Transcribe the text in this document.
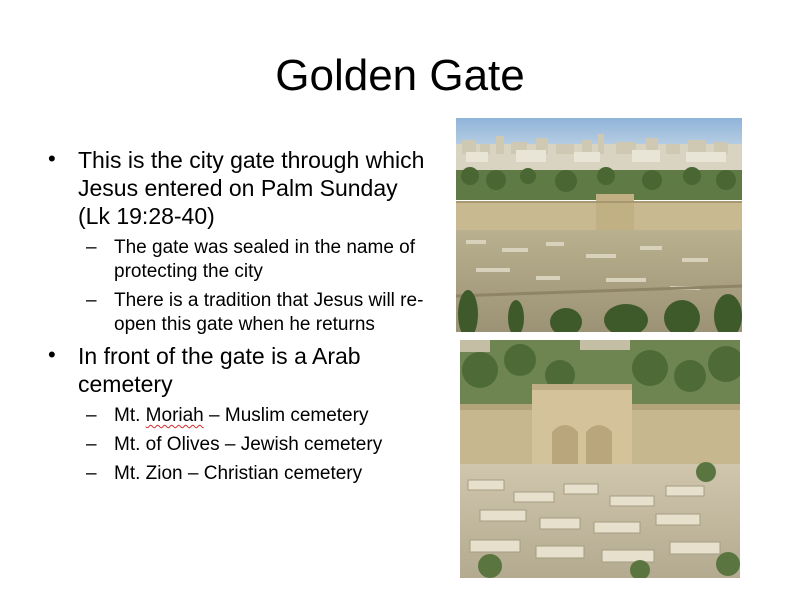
Golden Gate
• This is the city gate through which Jesus entered on Palm Sunday (Lk 19:28-40)
– The gate was sealed in the name of protecting the city
– There is a tradition that Jesus will re-open this gate when he returns
• In front of the gate is a Arab cemetery
– Mt. Moriah – Muslim cemetery
– Mt. of Olives – Jewish cemetery
– Mt. Zion – Christian cemetery
